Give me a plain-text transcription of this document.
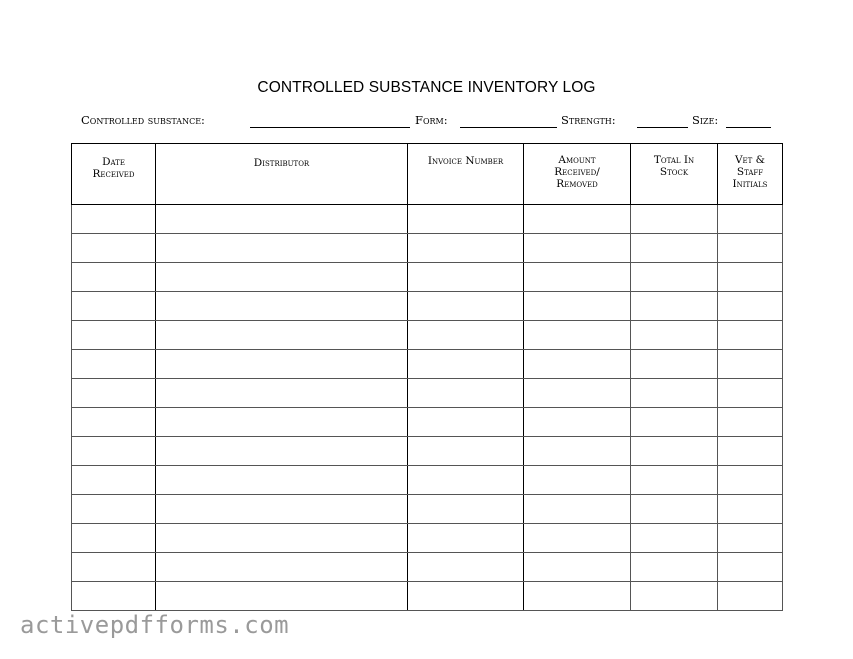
CONTROLLED SUBSTANCE INVENTORY LOG
Controlled substance:	Form:	Strength:	Size:
Date Received	Distributor	Invoice Number	Amount Received/ Removed	Total In Stock	Vet & Staff Initials

activepdfforms.com
